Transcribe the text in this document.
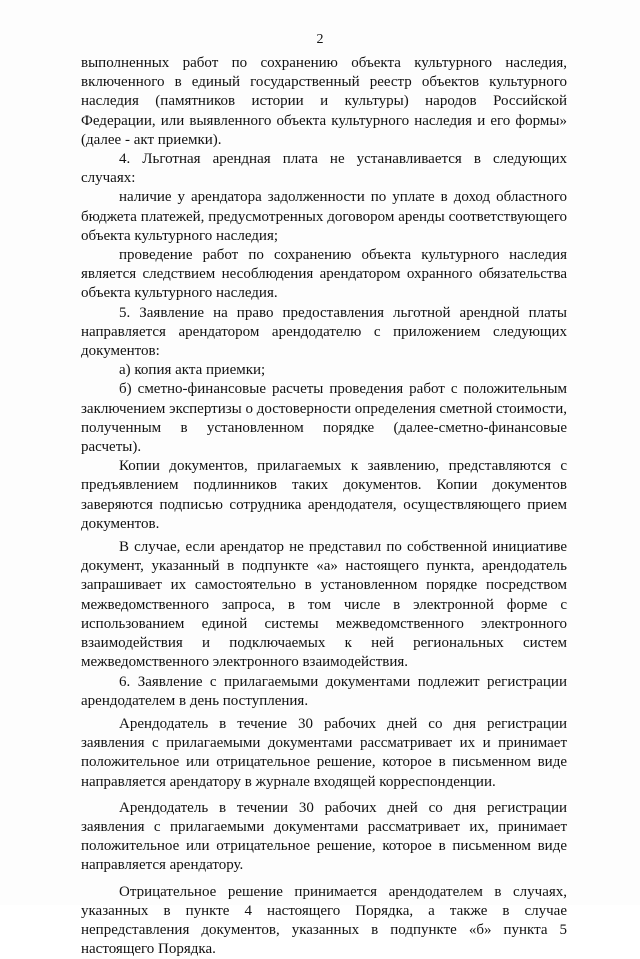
2

выполненных работ по сохранению объекта культурного наследия, включенного в единый государственный реестр объектов культурного наследия (памятников истории и культуры) народов Российской Федерации, или выявленного объекта культурного наследия и его формы» (далее - акт приемки).

4. Льготная арендная плата не устанавливается в следующих случаях:

наличие у арендатора задолженности по уплате в доход областного бюджета платежей, предусмотренных договором аренды соответствующего объекта культурного наследия;

проведение работ по сохранению объекта культурного наследия является следствием несоблюдения арендатором охранного обязательства объекта культурного наследия.

5. Заявление на право предоставления льготной арендной платы направляется арендатором арендодателю с приложением следующих документов:

а) копия акта приемки;

б) сметно-финансовые расчеты проведения работ с положительным заключением экспертизы о достоверности определения сметной стоимости, полученным в установленном порядке (далее-сметно-финансовые расчеты).

Копии документов, прилагаемых к заявлению, представляются с предъявлением подлинников таких документов. Копии документов заверяются подписью сотрудника арендодателя, осуществляющего прием документов.

В случае, если арендатор не представил по собственной инициативе документ, указанный в подпункте «а» настоящего пункта, арендодатель запрашивает их самостоятельно в установленном порядке посредством межведомственного запроса, в том числе в электронной форме с использованием единой системы межведомственного электронного взаимодействия и подключаемых к ней региональных систем межведомственного электронного взаимодействия.

6. Заявление с прилагаемыми документами подлежит регистрации арендодателем в день поступления.

Арендодатель в течение 30 рабочих дней со дня регистрации заявления с прилагаемыми документами рассматривает их и принимает положительное или отрицательное решение, которое в письменном виде направляется арендатору в журнале входящей корреспонденции.

Арендодатель в течении 30 рабочих дней со дня регистрации заявления с прилагаемыми документами рассматривает их, принимает положительное или отрицательное решение, которое в письменном виде направляется арендатору.

Отрицательное решение принимается арендодателем в случаях, указанных в пункте 4 настоящего Порядка, а также в случае непредставления документов, указанных в подпункте «б» пункта 5 настоящего Порядка.
